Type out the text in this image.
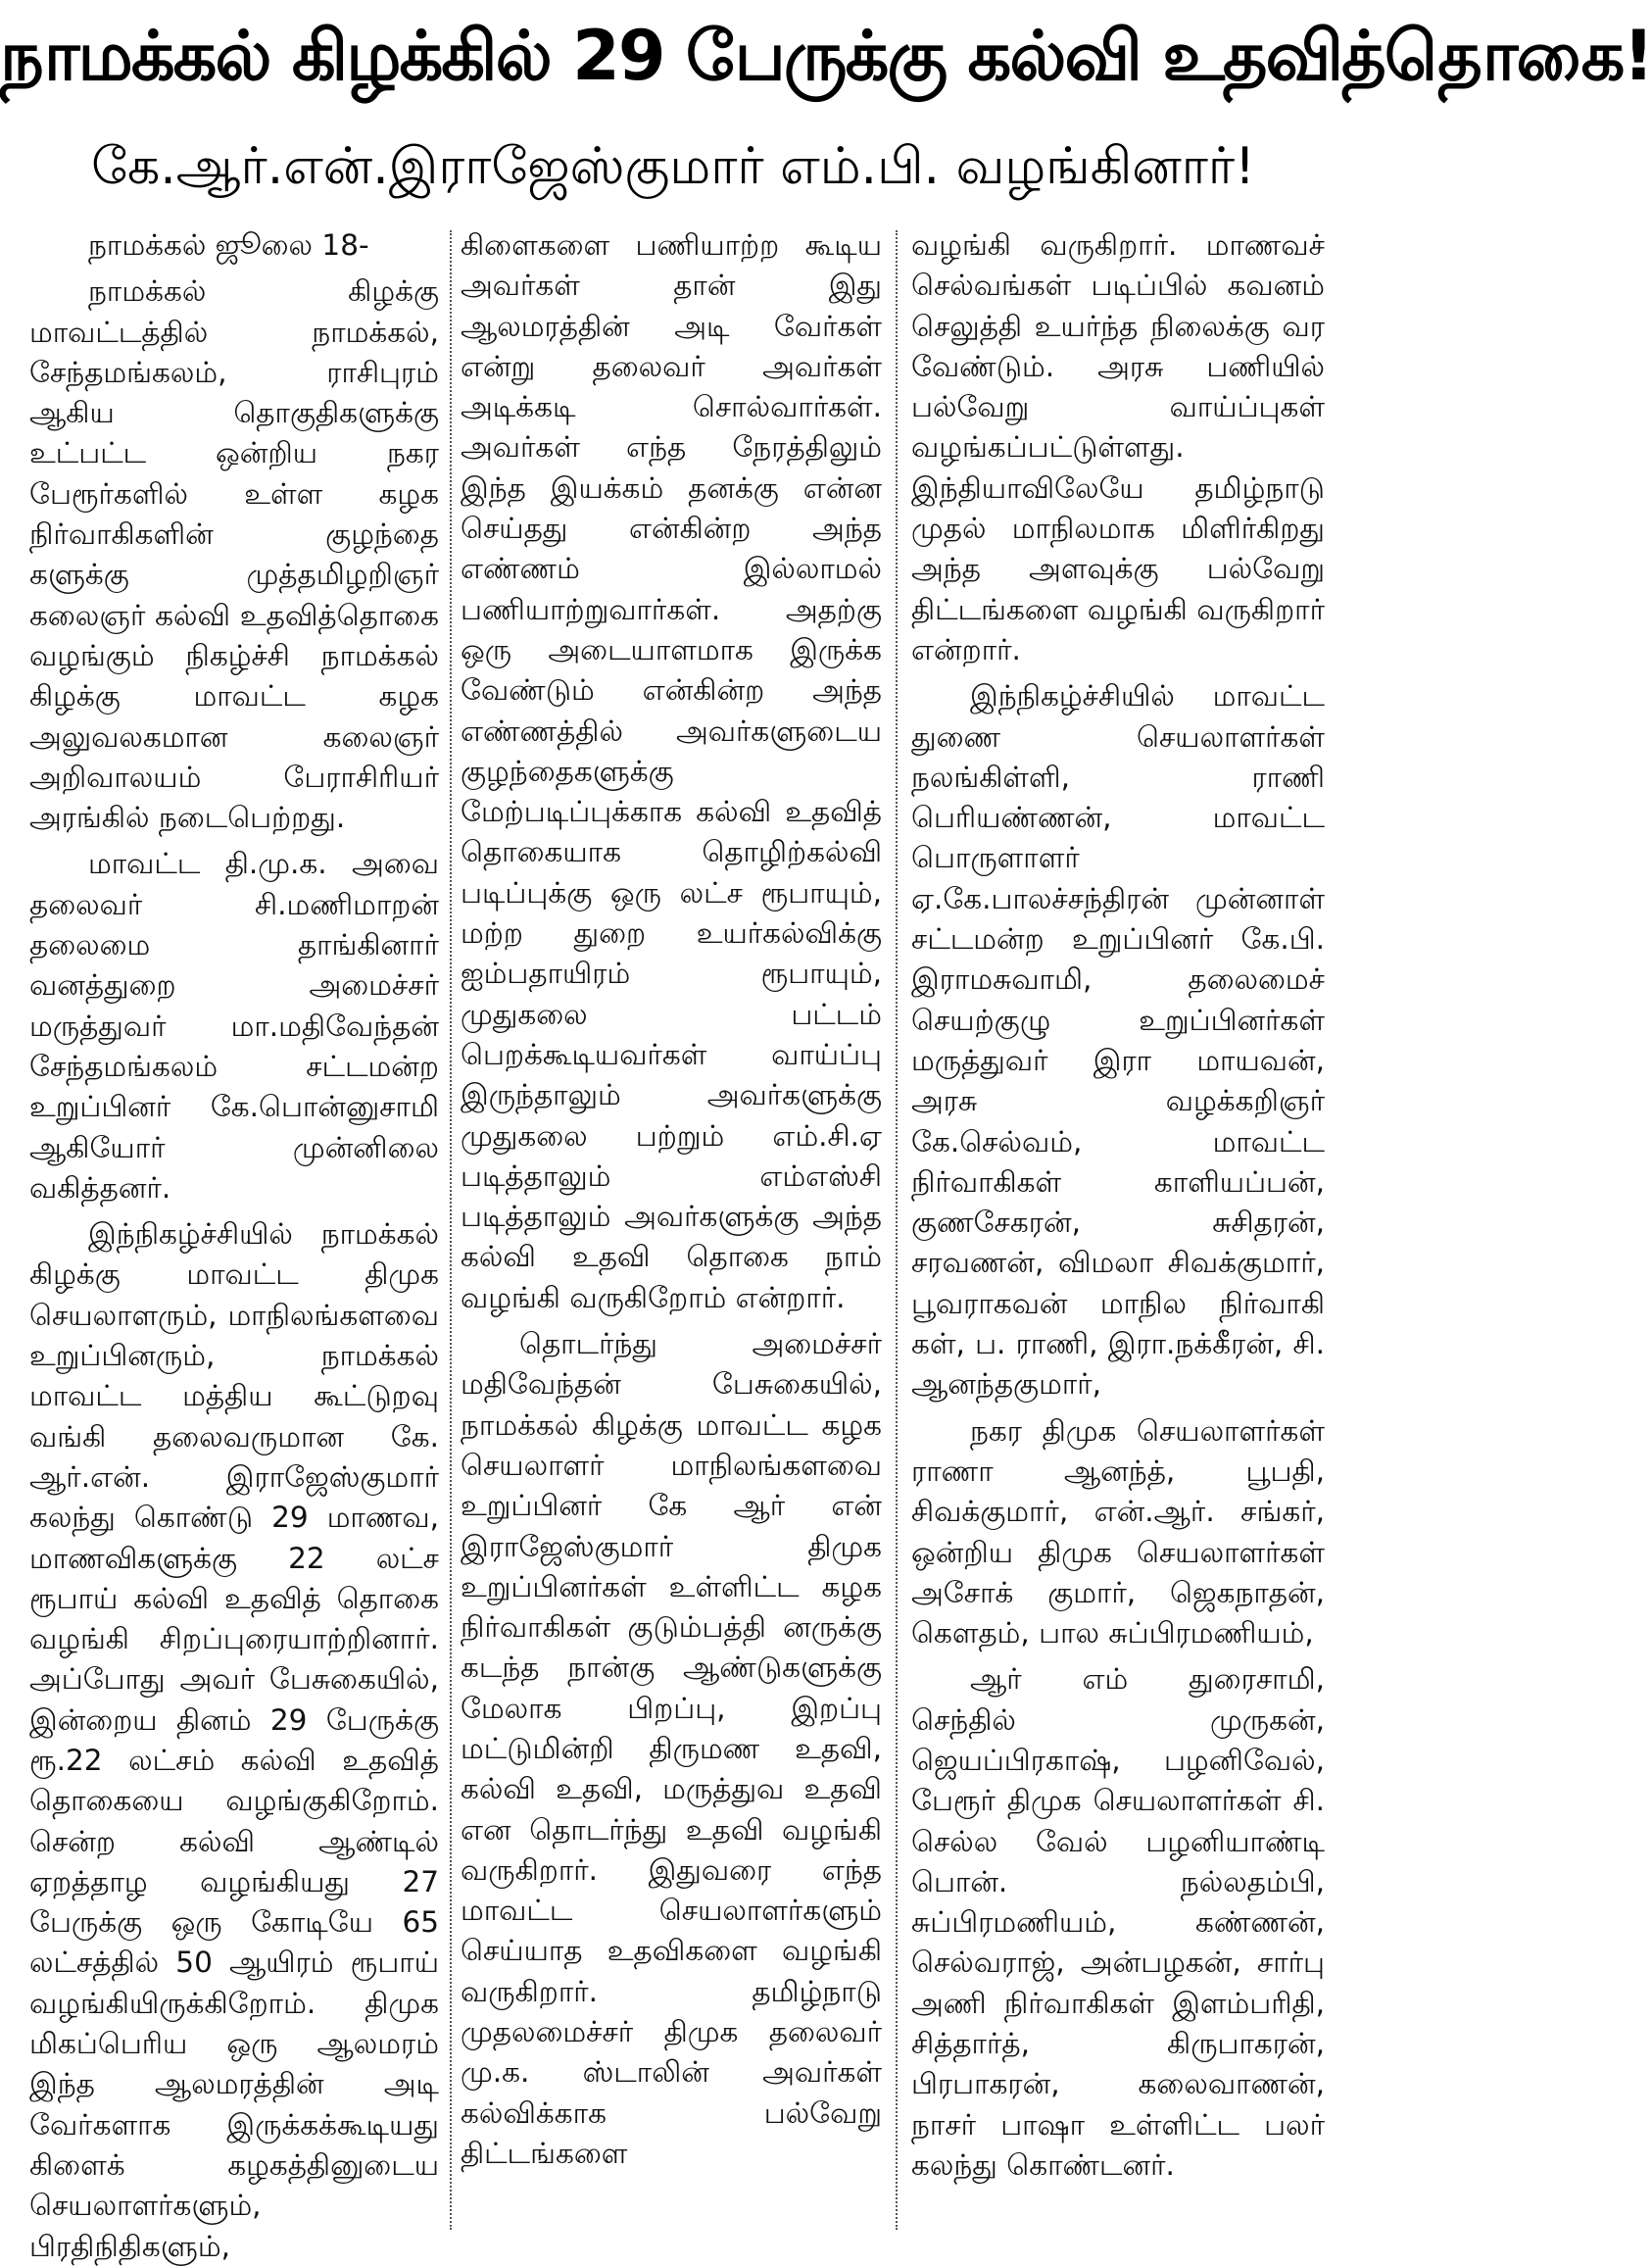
நாமக்கல் கிழக்கில் 29 பேருக்கு கல்வி உதவித்தொகை!
கே.ஆர்.என்.இராஜேஸ்குமார் எம்.பி. வழங்கினார்!

நாமக்கல் ஜூலை 18-

நாமக்கல் கிழக்கு மாவட்டத்தில் நாமக்கல், சேந்தமங்கலம், ராசிபுரம் ஆகிய தொகுதிகளுக்கு உட்பட்ட ஒன்றிய நகர பேரூர்களில் உள்ள கழக நிர்வாகிகளின் குழந்தை களுக்கு முத்தமிழறிஞர் கலைஞர் கல்வி உதவித்தொகை வழங்கும் நிகழ்ச்சி நாமக்கல் கிழக்கு மாவட்ட கழக அலுவலகமான கலைஞர் அறிவாலயம் பேராசிரியர் அரங்கில் நடைபெற்றது.

மாவட்ட தி.மு.க. அவை தலைவர் சி.மணிமாறன் தலைமை தாங்கினார் வனத்துறை அமைச்சர் மருத்துவர் மா.மதிவேந்தன் சேந்தமங்கலம் சட்டமன்ற உறுப்பினர் கே.பொன்னுசாமி ஆகியோர் முன்னிலை வகித்தனர்.

இந்நிகழ்ச்சியில் நாமக்கல் கிழக்கு மாவட்ட திமுக செயலாளரும், மாநிலங்களவை உறுப்பினரும், நாமக்கல் மாவட்ட மத்திய கூட்டுறவு வங்கி தலைவருமான கே. ஆர்.என். இராஜேஸ்குமார் கலந்து கொண்டு 29 மாணவ, மாணவிகளுக்கு 22 லட்ச ரூபாய் கல்வி உதவித் தொகை வழங்கி சிறப்புரையாற்றினார். அப்போது அவர் பேசுகையில், இன்றைய தினம் 29 பேருக்கு ரூ.22 லட்சம் கல்வி உதவித் தொகையை வழங்குகிறோம். சென்ற கல்வி ஆண்டில் ஏறத்தாழ வழங்கியது 27 பேருக்கு ஒரு கோடியே 65 லட்சத்தில் 50 ஆயிரம் ரூபாய் வழங்கியிருக்கிறோம். திமுக மிகப்பெரிய ஒரு ஆலமரம் இந்த ஆலமரத்தின் அடி வேர்களாக இருக்கக்கூடியது கிளைக் கழகத்தினுடைய செயலாளர்களும், பிரதிநிதிகளும்,

கிளைகளை பணியாற்ற கூடிய அவர்கள் தான் இது ஆலமரத்தின் அடி வேர்கள் என்று தலைவர் அவர்கள் அடிக்கடி சொல்வார்கள். அவர்கள் எந்த நேரத்திலும் இந்த இயக்கம் தனக்கு என்ன செய்தது என்கின்ற அந்த எண்ணம் இல்லாமல் பணியாற்றுவார்கள். அதற்கு ஒரு அடையாளமாக இருக்க வேண்டும் என்கின்ற அந்த எண்ணத்தில் அவர்களுடைய குழந்தைகளுக்கு மேற்படிப்புக்காக கல்வி உதவித் தொகையாக தொழிற்கல்வி படிப்புக்கு ஒரு லட்ச ரூபாயும், மற்ற துறை உயர்கல்விக்கு ஐம்பதாயிரம் ரூபாயும், முதுகலை பட்டம் பெறக்கூடியவர்கள் வாய்ப்பு இருந்தாலும் அவர்களுக்கு முதுகலை பற்றும் எம்.சி.ஏ படித்தாலும் எம்எஸ்சி படித்தாலும் அவர்களுக்கு அந்த கல்வி உதவி தொகை நாம் வழங்கி வருகிறோம் என்றார்.

தொடர்ந்து அமைச்சர் மதிவேந்தன் பேசுகையில், நாமக்கல் கிழக்கு மாவட்ட கழக செயலாளர் மாநிலங்களவை உறுப்பினர் கே ஆர் என் இராஜேஸ்குமார் திமுக உறுப்பினர்கள் உள்ளிட்ட கழக நிர்வாகிகள் குடும்பத்தி னருக்கு கடந்த நான்கு ஆண்டுகளுக்கு மேலாக பிறப்பு, இறப்பு மட்டுமின்றி திருமண உதவி, கல்வி உதவி, மருத்துவ உதவி என தொடர்ந்து உதவி வழங்கி வருகிறார். இதுவரை எந்த மாவட்ட செயலாளர்களும் செய்யாத உதவிகளை வழங்கி வருகிறார். தமிழ்நாடு முதலமைச்சர் திமுக தலைவர் மு.க. ஸ்டாலின் அவர்கள் கல்விக்காக பல்வேறு திட்டங்களை

வழங்கி வருகிறார். மாணவச் செல்வங்கள் படிப்பில் கவனம் செலுத்தி உயர்ந்த நிலைக்கு வர வேண்டும். அரசு பணியில் பல்வேறு வாய்ப்புகள் வழங்கப்பட்டுள்ளது. இந்தியாவிலேயே தமிழ்நாடு முதல் மாநிலமாக மிளிர்கிறது அந்த அளவுக்கு பல்வேறு திட்டங்களை வழங்கி வருகிறார் என்றார்.

இந்நிகழ்ச்சியில் மாவட்ட துணை செயலாளர்கள் நலங்கிள்ளி, ராணி பெரியண்ணன், மாவட்ட பொருளாளர் ஏ.கே.பாலச்சந்திரன் முன்னாள் சட்டமன்ற உறுப்பினர் கே.பி. இராமசுவாமி, தலைமைச் செயற்குழு உறுப்பினர்கள் மருத்துவர் இரா மாயவன், அரசு வழக்கறிஞர் கே.செல்வம், மாவட்ட நிர்வாகிகள் காளியப்பன், குணசேகரன், சுசிதரன், சரவணன், விமலா சிவக்குமார், பூவராகவன் மாநில நிர்வாகி கள், ப. ராணி, இரா.நக்கீரன், சி. ஆனந்தகுமார்,

நகர திமுக செயலாளர்கள் ராணா ஆனந்த், பூபதி, சிவக்குமார், என்.ஆர். சங்கர், ஒன்றிய திமுக செயலாளர்கள் அசோக் குமார், ஜெகநாதன், கௌதம், பால சுப்பிரமணியம்,

ஆர் எம் துரைசாமி, செந்தில் முருகன், ஜெயப்பிரகாஷ், பழனிவேல், பேரூர் திமுக செயலாளர்கள் சி. செல்ல வேல் பழனியாண்டி பொன். நல்லதம்பி, சுப்பிரமணியம், கண்ணன், செல்வராஜ், அன்பழகன், சார்பு அணி நிர்வாகிகள் இளம்பரிதி, சித்தார்த், கிருபாகரன், பிரபாகரன், கலைவாணன், நாசர் பாஷா உள்ளிட்ட பலர் கலந்து கொண்டனர்.
